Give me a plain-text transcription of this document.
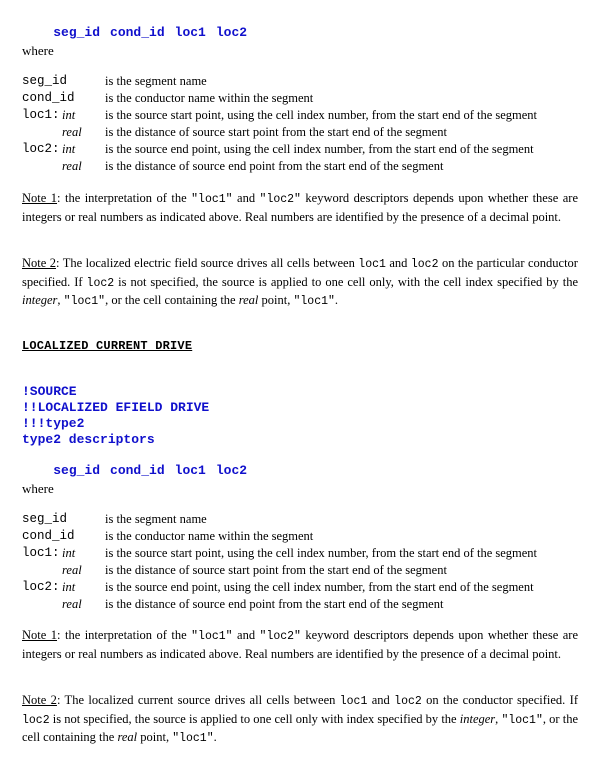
seg_id cond_id loc1 loc2

where
seg_id	is the segment name
cond_id is the conductor name within the segment
loc1: int is the source start point, using the cell index number, from the start end of the segment
real is the distance of source start point from the start end of the segment
loc2: int is the source end point, using the cell index number, from the start end of the segment
real is the distance of source end point from the start end of the segment
Note 1: the interpretation of the "loc1" and "loc2" keyword descriptors depends upon whether these are integers or real numbers as indicated above. Real numbers are identified by the presence of a decimal point.
Note 2: The localized electric field source drives all cells between loc1 and loc2 on the particular conductor specified. If loc2 is not specified, the source is applied to one cell only, with the cell index specified by the integer, "loc1", or the cell containing the real point, "loc1".
LOCALIZED CURRENT DRIVE
!SOURCE
!!LOCALIZED EFIELD DRIVE
!!!type2
type2 descriptors

seg_id cond_id loc1 loc2

where
seg_id	is the segment name
cond_id is the conductor name within the segment
loc1: int is the source start point, using the cell index number, from the start end of the segment
real is the distance of source start point from the start end of the segment
loc2: int is the source end point, using the cell index number, from the start end of the segment
real is the distance of source end point from the start end of the segment
Note 1: the interpretation of the "loc1" and "loc2" keyword descriptors depends upon whether these are integers or real numbers as indicated above. Real numbers are identified by the presence of a decimal point.
Note 2: The localized current source drives all cells between loc1 and loc2 on the conductor specified. If loc2 is not specified, the source is applied to one cell only with index specified by the integer, "loc1", or the cell containing the real point, "loc1".
